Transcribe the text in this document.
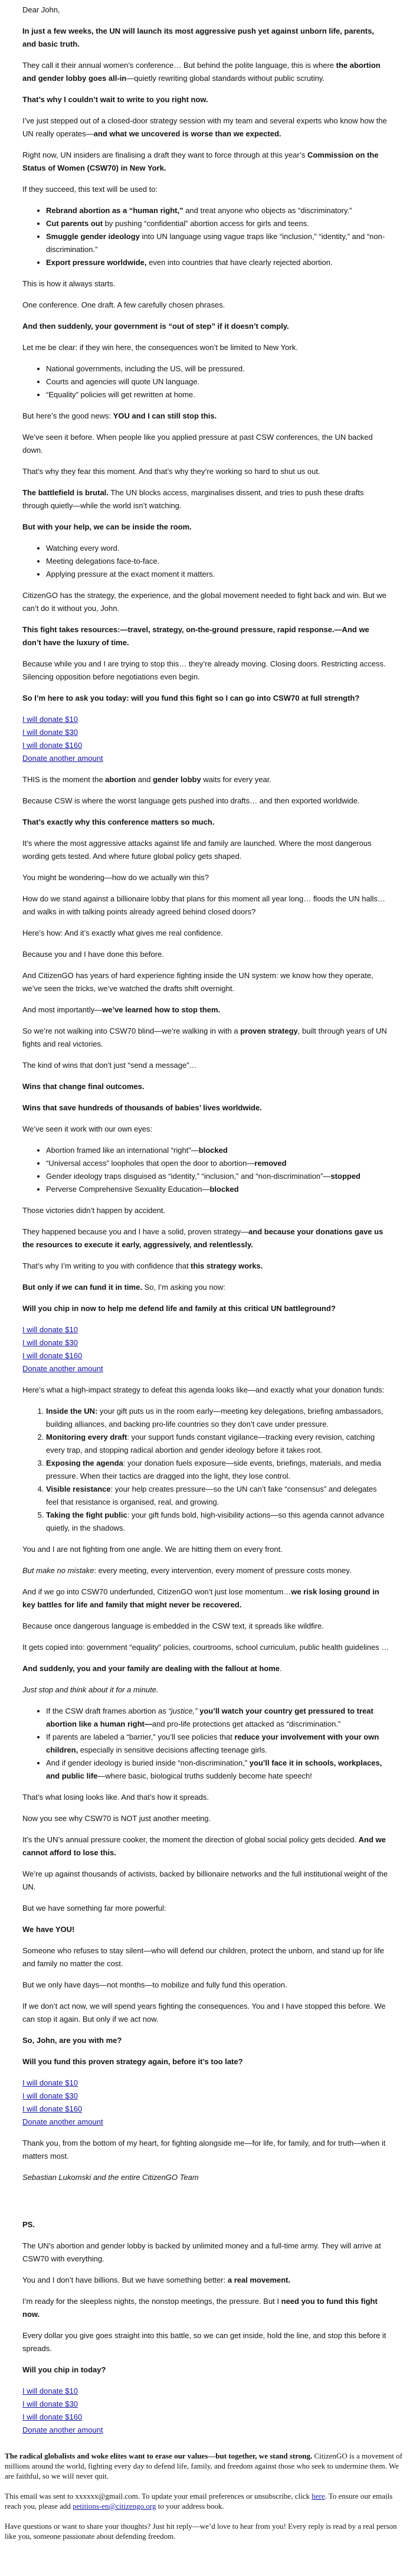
Dear John,

In just a few weeks, the UN will launch its most aggressive push yet against unborn life, parents, and basic truth.

They call it their annual women’s conference… But behind the polite language, this is where the abortion and gender lobby goes all-in—quietly rewriting global standards without public scrutiny.

That’s why I couldn’t wait to write to you right now.

I’ve just stepped out of a closed-door strategy session with my team and several experts who know how the UN really operates—and what we uncovered is worse than we expected.

Right now, UN insiders are finalising a draft they want to force through at this year’s Commission on the Status of Women (CSW70) in New York.

If they succeed, this text will be used to:

• Rebrand abortion as a “human right,” and treat anyone who objects as “discriminatory.”
• Cut parents out by pushing “confidential” abortion access for girls and teens.
• Smuggle gender ideology into UN language using vague traps like “inclusion,” “identity,” and “non-discrimination.”
• Export pressure worldwide, even into countries that have clearly rejected abortion.

This is how it always starts.

One conference. One draft. A few carefully chosen phrases.

And then suddenly, your government is “out of step” if it doesn’t comply.

Let me be clear: if they win here, the consequences won’t be limited to New York.

• National governments, including the US, will be pressured.
• Courts and agencies will quote UN language.
• “Equality” policies will get rewritten at home.

But here’s the good news: YOU and I can still stop this.

We’ve seen it before. When people like you applied pressure at past CSW conferences, the UN backed down.

That’s why they fear this moment. And that’s why they’re working so hard to shut us out.

The battlefield is brutal. The UN blocks access, marginalises dissent, and tries to push these drafts through quietly—while the world isn’t watching.

But with your help, we can be inside the room.

• Watching every word.
• Meeting delegations face-to-face.
• Applying pressure at the exact moment it matters.

CitizenGO has the strategy, the experience, and the global movement needed to fight back and win. But we can’t do it without you, John.

This fight takes resources:—travel, strategy, on-the-ground pressure, rapid response.—And we don’t have the luxury of time.

Because while you and I are trying to stop this… they’re already moving. Closing doors. Restricting access. Silencing opposition before negotiations even begin.

So I’m here to ask you today: will you fund this fight so I can go into CSW70 at full strength?

I will donate $10
I will donate $30
I will donate $160
Donate another amount

THIS is the moment the abortion and gender lobby waits for every year.

Because CSW is where the worst language gets pushed into drafts… and then exported worldwide.

That’s exactly why this conference matters so much.

It’s where the most aggressive attacks against life and family are launched. Where the most dangerous wording gets tested. And where future global policy gets shaped.

You might be wondering—how do we actually win this?

How do we stand against a billionaire lobby that plans for this moment all year long… floods the UN halls… and walks in with talking points already agreed behind closed doors?

Here’s how: And it’s exactly what gives me real confidence.

Because you and I have done this before.

And CitizenGO has years of hard experience fighting inside the UN system: we know how they operate, we’ve seen the tricks, we’ve watched the drafts shift overnight.

And most importantly—we’ve learned how to stop them.

So we’re not walking into CSW70 blind—we’re walking in with a proven strategy, built through years of UN fights and real victories.

The kind of wins that don’t just “send a message”…

Wins that change final outcomes.

Wins that save hundreds of thousands of babies’ lives worldwide.

We’ve seen it work with our own eyes:

• Abortion framed like an international “right”—blocked
• “Universal access” loopholes that open the door to abortion—removed
• Gender ideology traps disguised as “identity,” “inclusion,” and “non-discrimination”—stopped
• Perverse Comprehensive Sexuality Education—blocked

Those victories didn’t happen by accident.

They happened because you and I have a solid, proven strategy—and because your donations gave us the resources to execute it early, aggressively, and relentlessly.

That’s why I’m writing to you with confidence that this strategy works.

But only if we can fund it in time. So, I’m asking you now:

Will you chip in now to help me defend life and family at this critical UN battleground?

I will donate $10
I will donate $30
I will donate $160
Donate another amount

Here’s what a high-impact strategy to defeat this agenda looks like—and exactly what your donation funds:

1. Inside the UN: your gift puts us in the room early—meeting key delegations, briefing ambassadors, building alliances, and backing pro-life countries so they don’t cave under pressure.
2. Monitoring every draft: your support funds constant vigilance—tracking every revision, catching every trap, and stopping radical abortion and gender ideology before it takes root.
3. Exposing the agenda: your donation fuels exposure—side events, briefings, materials, and media pressure. When their tactics are dragged into the light, they lose control.
4. Visible resistance: your help creates pressure—so the UN can’t fake “consensus” and delegates feel that resistance is organised, real, and growing.
5. Taking the fight public: your gift funds bold, high-visibility actions—so this agenda cannot advance quietly, in the shadows.

You and I are not fighting from one angle. We are hitting them on every front.

But make no mistake: every meeting, every intervention, every moment of pressure costs money.

And if we go into CSW70 underfunded, CitizenGO won’t just lose momentum…we risk losing ground in key battles for life and family that might never be recovered.

Because once dangerous language is embedded in the CSW text, it spreads like wildfire.

It gets copied into: government “equality” policies, courtrooms, school curriculum, public health guidelines …

And suddenly, you and your family are dealing with the fallout at home.

Just stop and think about it for a minute.

• If the CSW draft frames abortion as “justice,” you’ll watch your country get pressured to treat abortion like a human right—and pro-life protections get attacked as “discrimination.”
• If parents are labeled a “barrier,” you’ll see policies that reduce your involvement with your own children, especially in sensitive decisions affecting teenage girls.
• And if gender ideology is buried inside “non-discrimination,” you’ll face it in schools, workplaces, and public life—where basic, biological truths suddenly become hate speech!

That’s what losing looks like. And that’s how it spreads.

Now you see why CSW70 is NOT just another meeting.

It’s the UN’s annual pressure cooker, the moment the direction of global social policy gets decided. And we cannot afford to lose this.

We’re up against thousands of activists, backed by billionaire networks and the full institutional weight of the UN.

But we have something far more powerful:

We have YOU!

Someone who refuses to stay silent—who will defend our children, protect the unborn, and stand up for life and family no matter the cost.

But we only have days—not months—to mobilize and fully fund this operation.

If we don’t act now, we will spend years fighting the consequences. You and I have stopped this before. We can stop it again. But only if we act now.

So, John, are you with me?

Will you fund this proven strategy again, before it’s too late?

I will donate $10
I will donate $30
I will donate $160
Donate another amount

Thank you, from the bottom of my heart, for fighting alongside me—for life, for family, and for truth—when it matters most.

Sebastian Lukomski and the entire CitizenGO Team

PS.

The UN’s abortion and gender lobby is backed by unlimited money and a full-time army. They will arrive at CSW70 with everything.

You and I don’t have billions. But we have something better: a real movement.

I’m ready for the sleepless nights, the nonstop meetings, the pressure. But I need you to fund this fight now.

Every dollar you give goes straight into this battle, so we can get inside, hold the line, and stop this before it spreads.

Will you chip in today?

I will donate $10
I will donate $30
I will donate $160
Donate another amount

The radical globalists and woke elites want to erase our values—but together, we stand strong. CitizenGO is a movement of millions around the world, fighting every day to defend life, family, and freedom against those who seek to undermine them. We are faithful, so we will never quit.

This email was sent to xxxxxx@gmail.com. To update your email preferences or unsubscribe, click here. To ensure our emails reach you, please add petitions-en@citizengo.org to your address book.

Have questions or want to share your thoughts? Just hit reply—we’d love to hear from you! Every reply is read by a real person like you, someone passionate about defending freedom.
